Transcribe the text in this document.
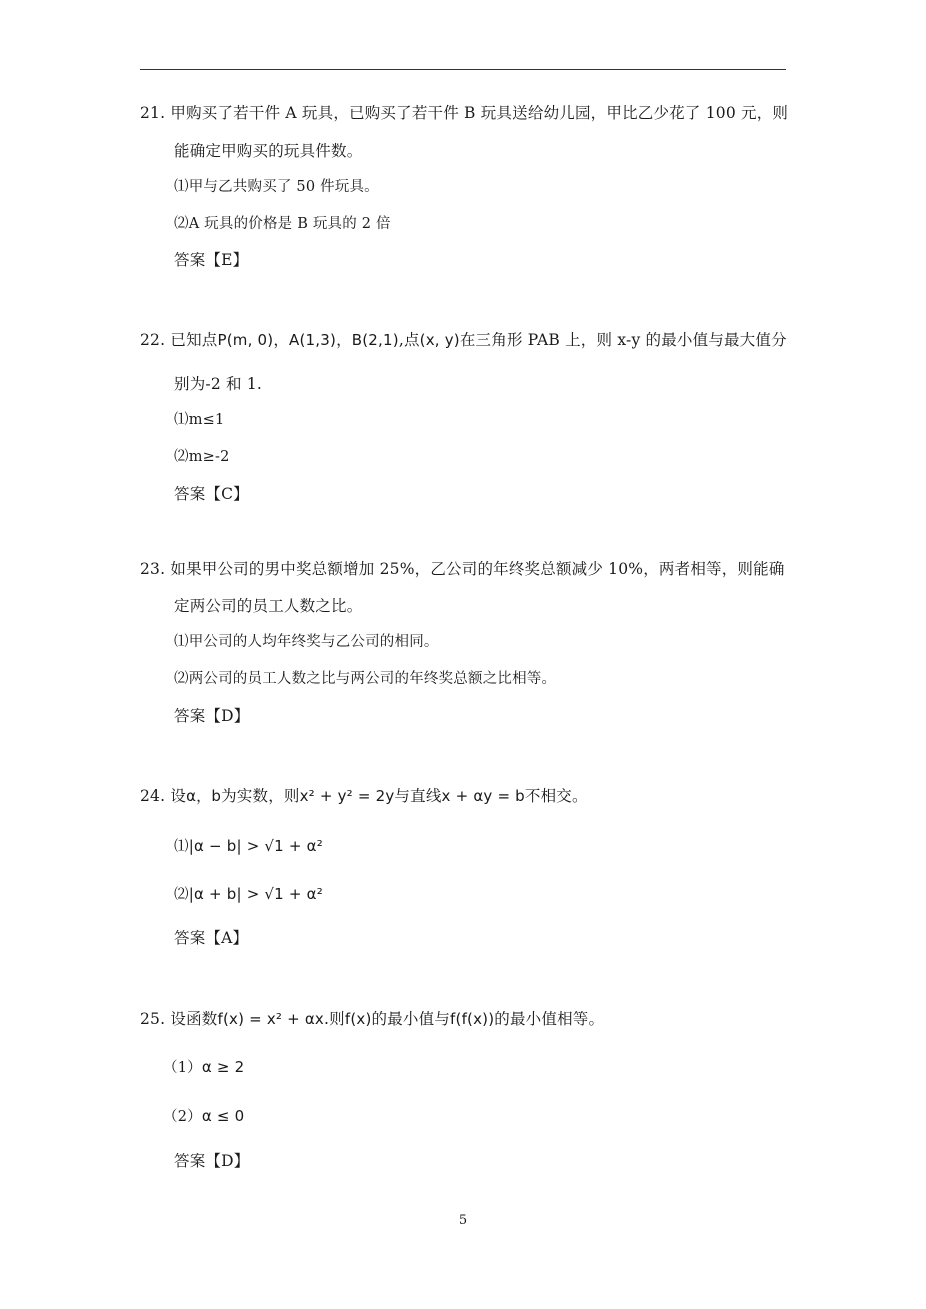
21. 甲购买了若干件 A 玩具，已购买了若干件 B 玩具送给幼儿园，甲比乙少花了 100 元，则
能确定甲购买的玩具件数。
⑴甲与乙共购买了 50 件玩具。
⑵A 玩具的价格是 B 玩具的 2 倍
答案【E】
22. 已知点P(m, 0)，A(1,3)，B(2,1),点(x, y)在三角形 PAB 上，则 x-y 的最小值与最大值分
别为-2 和 1.
⑴m≤1
⑵m≥-2
答案【C】
23. 如果甲公司的男中奖总额增加 25%，乙公司的年终奖总额减少 10%，两者相等，则能确
定两公司的员工人数之比。
⑴甲公司的人均年终奖与乙公司的相同。
⑵两公司的员工人数之比与两公司的年终奖总额之比相等。
答案【D】
24. 设α，b为实数，则x² + y² = 2y与直线x + αy = b不相交。
⑴|α − b| > √1 + α²
⑵|α + b| > √1 + α²
答案【A】
25. 设函数f(x) = x² + αx.则f(x)的最小值与f(f(x))的最小值相等。
（1）α ≥ 2
（2）α ≤ 0
答案【D】
5
